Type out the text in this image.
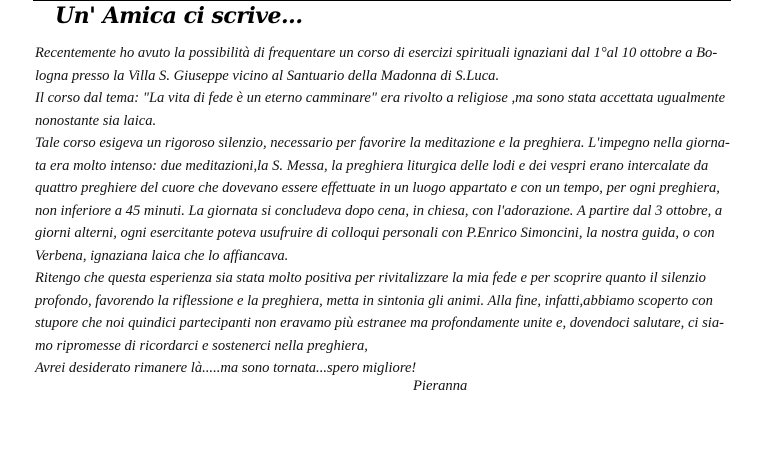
Un' Amica ci scrive...
Recentemente ho avuto la possibilità di frequentare un corso di esercizi spirituali ignaziani dal 1°al 10 ottobre a Bo-
logna presso la Villa S. Giuseppe vicino al Santuario della Madonna di S.Luca.
Il corso dal tema: "La vita di fede è un eterno camminare" era rivolto a religiose ,ma sono stata accettata ugualmente
nonostante sia laica.
Tale corso esigeva un rigoroso silenzio, necessario per favorire la meditazione e la preghiera. L'impegno nella giorna-
ta era molto intenso: due meditazioni,la S. Messa, la preghiera liturgica delle lodi e dei vespri erano intercalate da
quattro preghiere del cuore che dovevano essere effettuate in un luogo appartato e con un tempo, per ogni preghiera,
non inferiore a 45 minuti. La giornata si concludeva dopo cena, in chiesa, con l'adorazione. A partire dal 3 ottobre, a
giorni alterni, ogni esercitante poteva usufruire di colloqui personali con P.Enrico Simoncini, la nostra guida, o con
Verbena, ignaziana laica che lo affiancava.
Ritengo che questa esperienza sia stata molto positiva per rivitalizzare la mia fede e per scoprire quanto il silenzio
profondo, favorendo la riflessione e la preghiera, metta in sintonia gli animi. Alla fine, infatti,abbiamo scoperto con
stupore che noi quindici partecipanti non eravamo più estranee ma profondamente unite e, dovendoci salutare, ci sia-
mo ripromesse di ricordarci e sostenerci nella preghiera,
Avrei desiderato rimanere là.....ma sono tornata...spero migliore!
Pieranna
